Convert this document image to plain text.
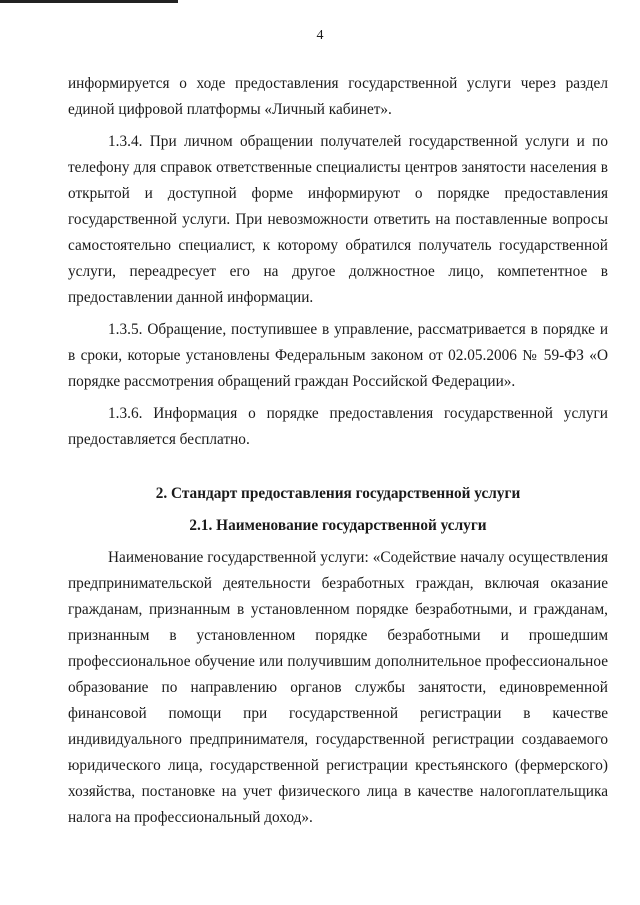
4

информируется о ходе предоставления государственной услуги через раздел единой цифровой платформы «Личный кабинет».

1.3.4. При личном обращении получателей государственной услуги и по телефону для справок ответственные специалисты центров занятости населения в открытой и доступной форме информируют о порядке предоставления государственной услуги. При невозможности ответить на поставленные вопросы самостоятельно специалист, к которому обратился получатель государственной услуги, переадресует его на другое должностное лицо, компетентное в предоставлении данной информации.

1.3.5. Обращение, поступившее в управление, рассматривается в порядке и в сроки, которые установлены Федеральным законом от 02.05.2006 № 59-ФЗ «О порядке рассмотрения обращений граждан Российской Федерации».

1.3.6. Информация о порядке предоставления государственной услуги предоставляется бесплатно.

2. Стандарт предоставления государственной услуги

2.1. Наименование государственной услуги

Наименование государственной услуги: «Содействие началу осуществления предпринимательской деятельности безработных граждан, включая оказание гражданам, признанным в установленном порядке безработными, и гражданам, признанным в установленном порядке безработными и прошедшим профессиональное обучение или получившим дополнительное профессиональное образование по направлению органов службы занятости, единовременной финансовой помощи при государственной регистрации в качестве индивидуального предпринимателя, государственной регистрации создаваемого юридического лица, государственной регистрации крестьянского (фермерского) хозяйства, постановке на учет физического лица в качестве налогоплательщика налога на профессиональный доход».
